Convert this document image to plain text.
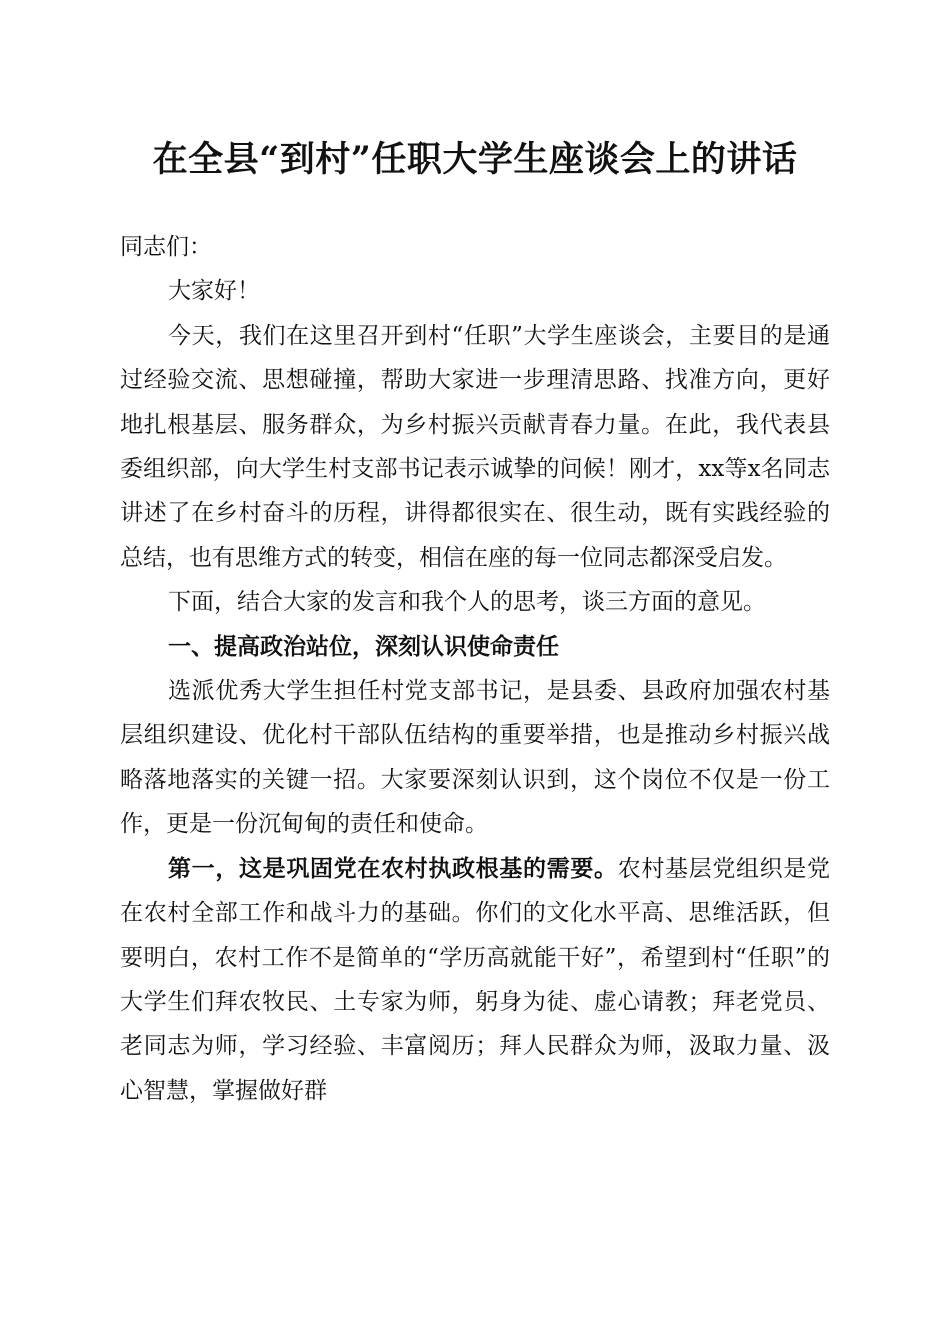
在全县“到村”任职大学生座谈会上的讲话

同志们：

大家好！

今天，我们在这里召开到村“任职”大学生座谈会，主要目的是通过经验交流、思想碰撞，帮助大家进一步理清思路、找准方向，更好地扎根基层、服务群众，为乡村振兴贡献青春力量。在此，我代表县委组织部，向大学生村支部书记表示诚挚的问候！刚才，xx等x名同志讲述了在乡村奋斗的历程，讲得都很实在、很生动，既有实践经验的总结，也有思维方式的转变，相信在座的每一位同志都深受启发。

下面，结合大家的发言和我个人的思考，谈三方面的意见。

一、提高政治站位，深刻认识使命责任

选派优秀大学生担任村党支部书记，是县委、县政府加强农村基层组织建设、优化村干部队伍结构的重要举措，也是推动乡村振兴战略落地落实的关键一招。大家要深刻认识到，这个岗位不仅是一份工作，更是一份沉甸甸的责任和使命。

第一，这是巩固党在农村执政根基的需要。农村基层党组织是党在农村全部工作和战斗力的基础。你们的文化水平高、思维活跃，但要明白，农村工作不是简单的“学历高就能干好”，希望到村“任职”的大学生们拜农牧民、土专家为师，躬身为徒、虚心请教；拜老党员、老同志为师，学习经验、丰富阅历；拜人民群众为师，汲取力量、汲心智慧，掌握做好群
